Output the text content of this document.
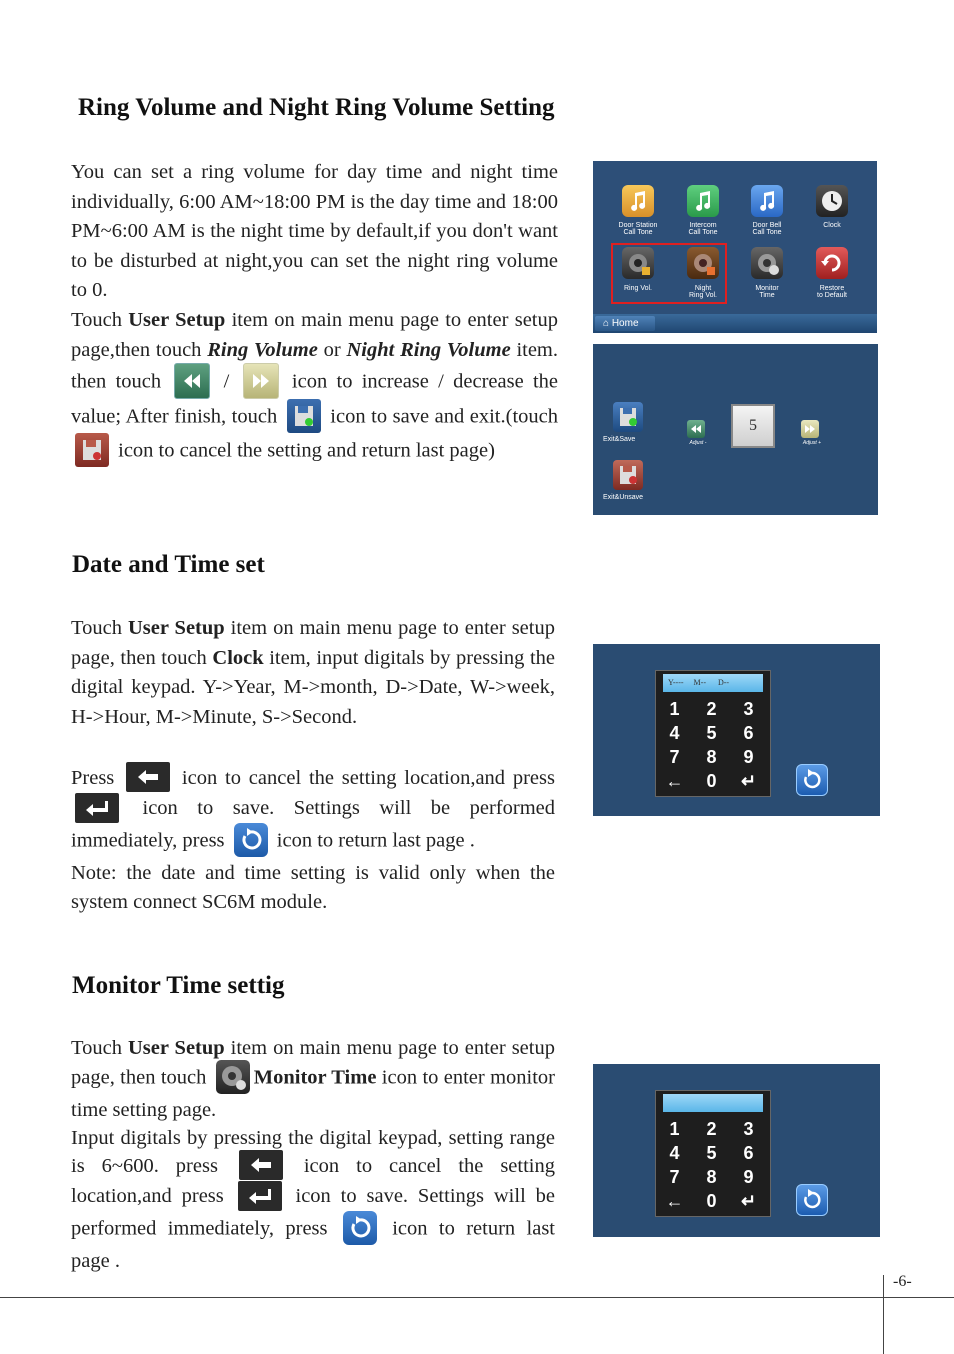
Ring Volume and Night Ring Volume Setting

You can set a ring volume for day time and night time individually, 6:00 AM~18:00 PM is the day time and 18:00 PM~6:00 AM is the night time by default,if you don't want to be disturbed at night,you can set the night ring volume to 0.

Touch User Setup item on main menu page to enter setup page,then touch Ring Volume or Night Ring Volume item. then touch
/
icon to increase / decrease the value; After finish, touch
icon to save and exit.(touch
icon to cancel the setting and return last page)

Door Station
Call Tone
Intercom
Call Tone
Door Bell
Call Tone
Clock
Ring Vol.	Night
Ring Vol.
Monitor
Time
Restore
to Default
⌂ Home
Exit&Save
Exit&Unsave
Adjust -
5
Adjust +
Date and Time set

Touch User Setup item on main menu page to enter setup page, then touch Clock item, input digitals by pressing the digital keypad. Y->Year, M->month, D->Date, W->week, H->Hour, M->Minute, S->Second.

Press	icon to cancel the setting location,and press
icon to save. Settings will be performed immediately, press
icon to return last page .
Note: the date and time setting is valid only when the system connect SC6M module.

Y----     M--      D--
1	2	3
4	5	6
7	8	9
←	0	↵
Monitor Time settig

Touch User Setup item on main menu page to enter setup page, then touch
Monitor Time icon to enter monitor time setting page.
Input digitals by pressing the digital keypad, setting range is 6~600. press	icon to cancel the setting location,and press	icon to save. Settings will be performed immediately, press
icon to return last page .

1	2	3
4	5	6
7	8	9
←	0	↵
-6-
